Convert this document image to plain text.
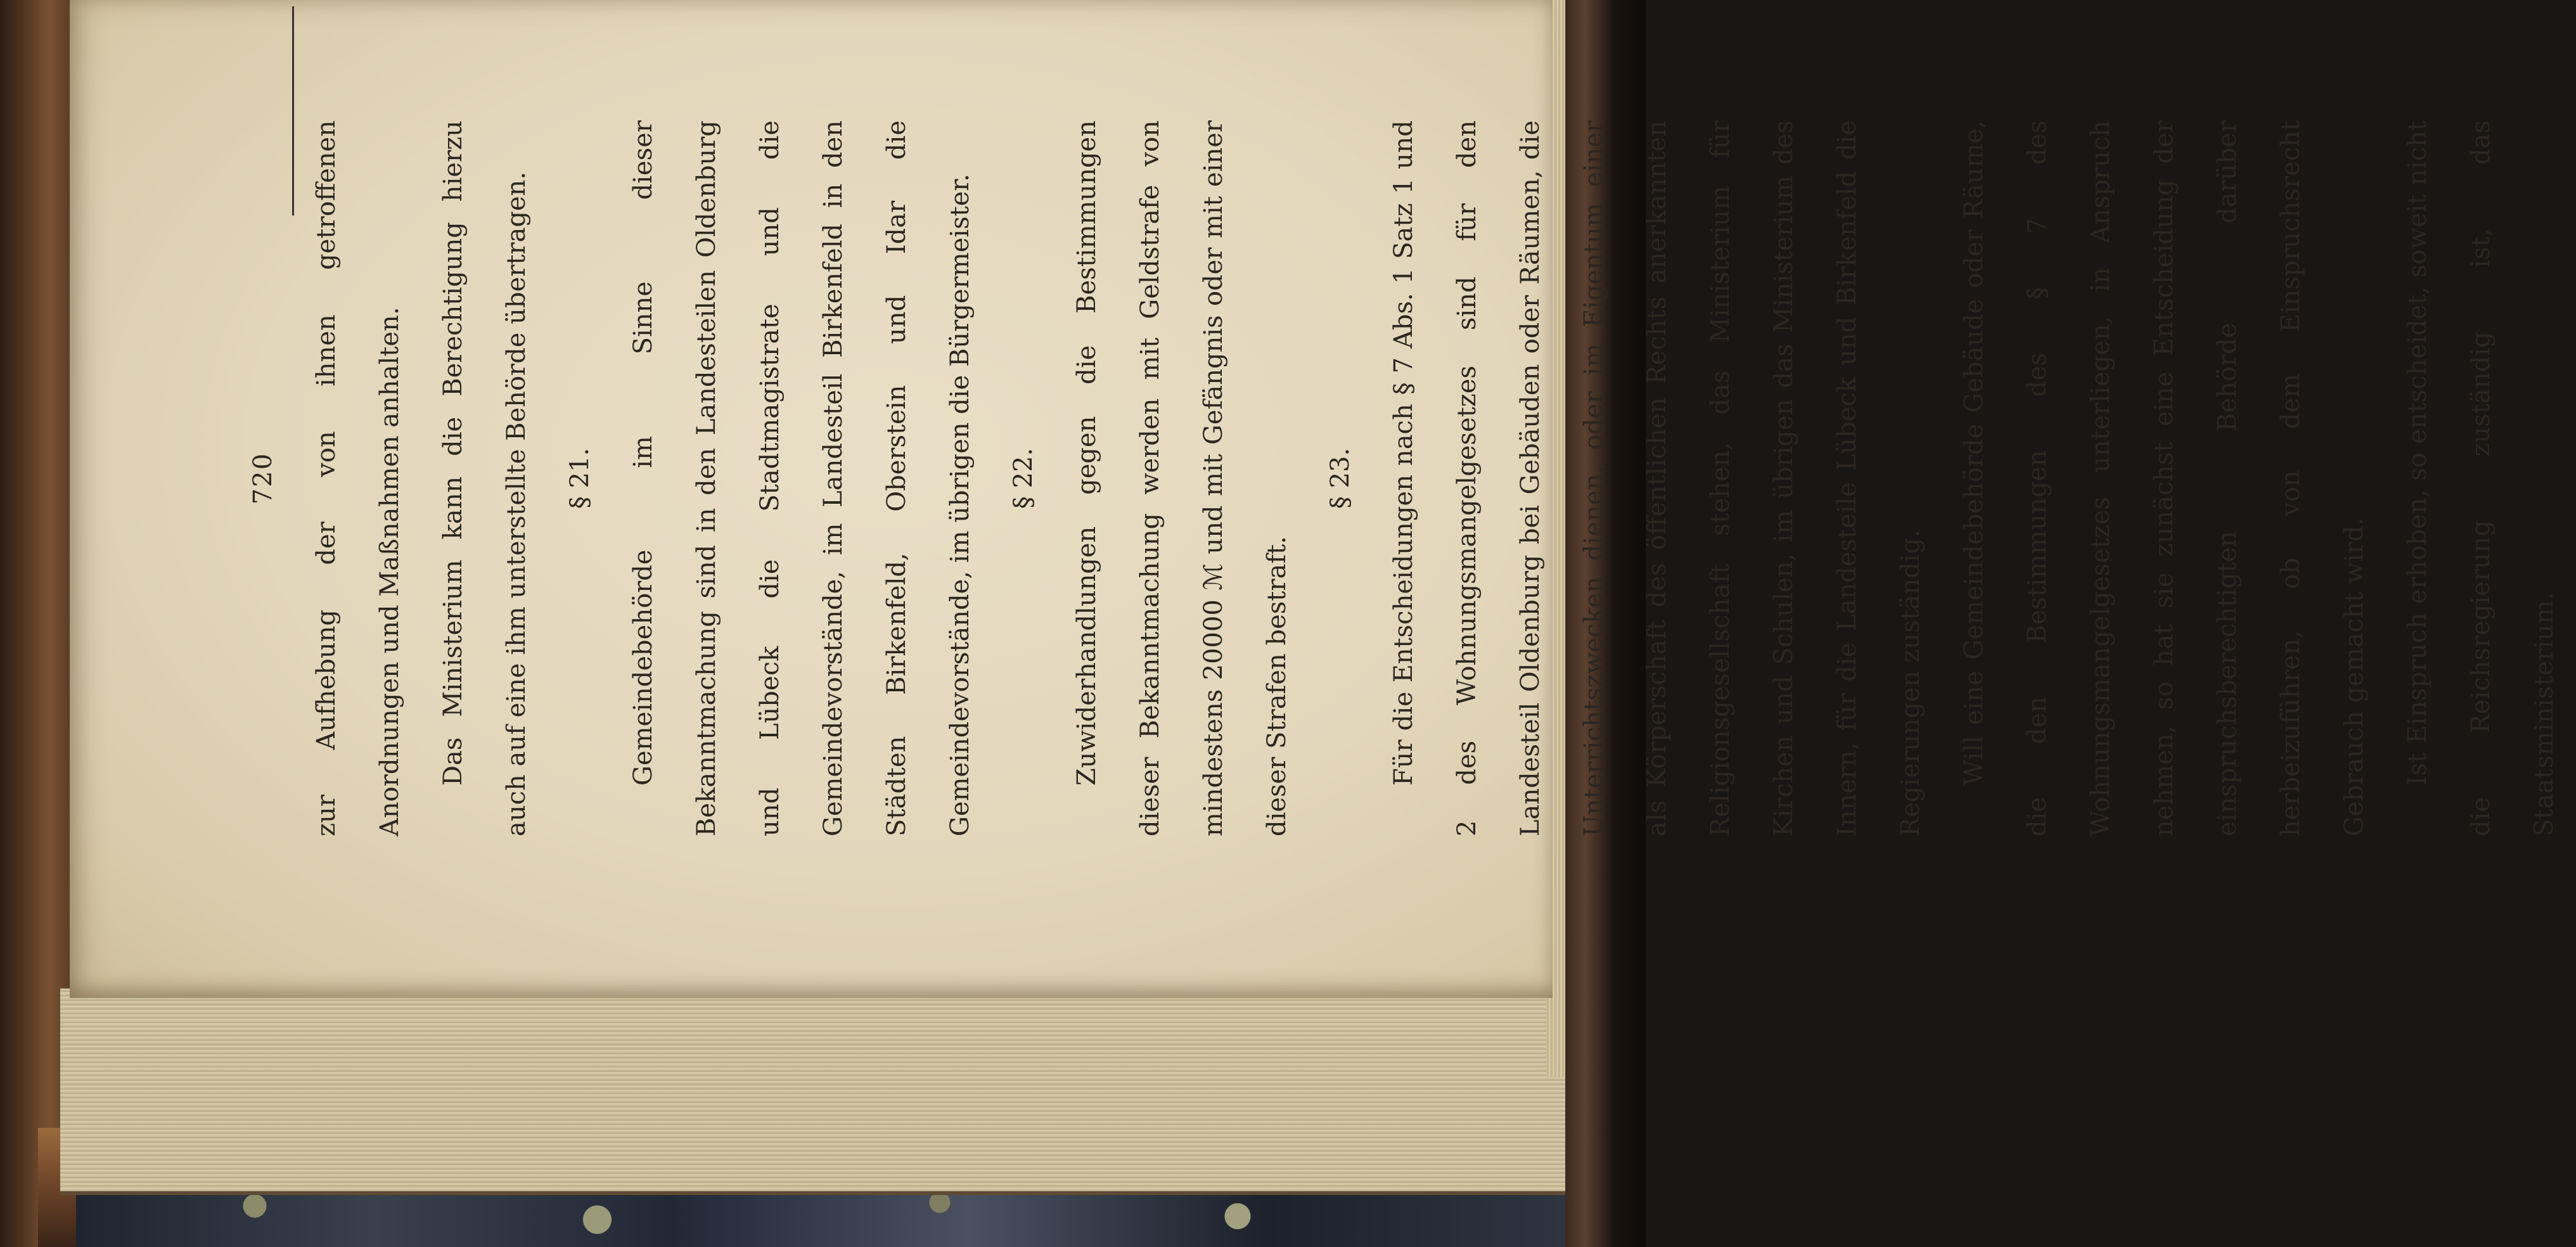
720	zur Aufhebung der von ihnen getroffenen Anordnungen und Maßnahmen anhalten.	Das Ministerium kann die Berechtigung hierzu auch auf eine ihm unterstellte Behörde übertragen.	§ 21.	Gemeindebehörde im Sinne dieser Bekanntmachung sind in den Landesteilen Oldenburg und Lübeck die Stadtmagistrate und die Gemeindevorstände, im Landesteil Birkenfeld in den Städten Birkenfeld, Oberstein und Idar die Gemeindevorstände, im übrigen die Bürgermeister.	§ 22.	Zuwiderhandlungen gegen die Bestimmungen dieser Bekanntmachung werden mit Geldstrafe von mindestens 20000 ℳ und mit Gefängnis oder mit einer dieser Strafen bestraft.

§ 23.	Für die Entscheidungen nach § 7 Abs. 1 Satz 1 und 2 des Wohnungsmangelgesetzes sind für den Landesteil Oldenburg bei Gebäuden oder Räumen, die Unterrichtszwecken dienen, oder im Eigentum einer als Körperschaft des öffentlichen Rechts anerkannten Religionsgesellschaft stehen, das Ministerium für Kirchen und Schulen, im übrigen das Ministerium des Innern, für die Landesteile Lübeck und Birkenfeld die Regierungen zuständig.	Will eine Gemeindebehörde Gebäude oder Räume, die den Bestimmungen des § 7 des Wohnungsmangelgesetzes unterliegen, in Anspruch nehmen, so hat sie zunächst eine Entscheidung der einspruchsberechtigten Behörde darüber herbeizuführen, ob von dem Einspruchsrecht Gebrauch gemacht wird.	Ist Einspruch erhoben, so entscheidet, soweit nicht die Reichsregierung zuständig ist, das Staatsministerium.
